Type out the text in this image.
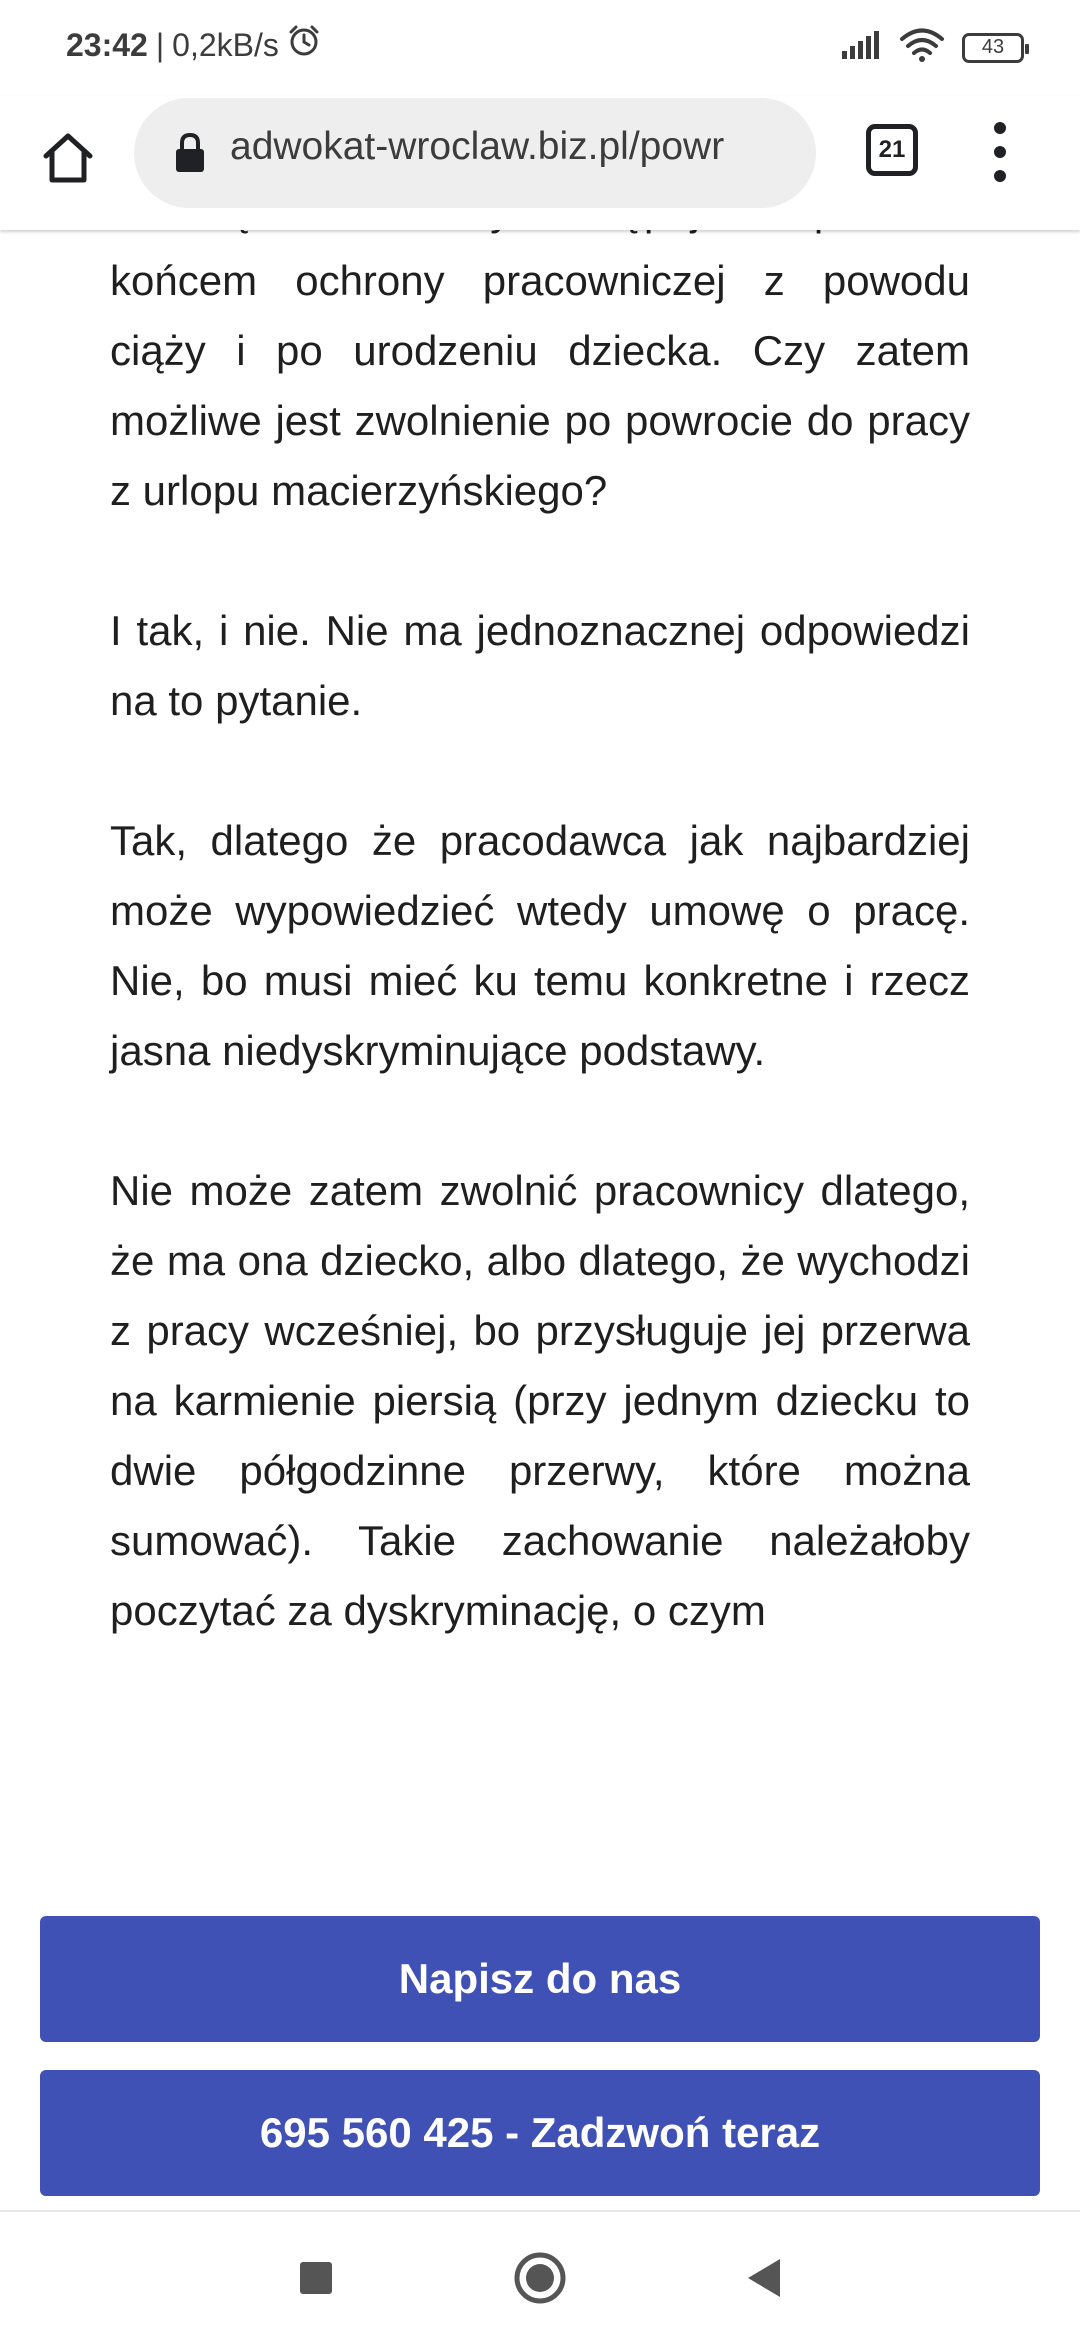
23:42 | 0,2kB/s	43
adwokat-wroclaw.biz.pl/powr	21

końcem ochrony pracowniczej z powodu ciąży i po urodzeniu dziecka. Czy zatem możliwe jest zwolnienie po powrocie do pracy z urlopu macierzyńskiego?

I tak, i nie. Nie ma jednoznacznej odpowiedzi na to pytanie.

Tak, dlatego że pracodawca jak najbardziej może wypowiedzieć wtedy umowę o pracę. Nie, bo musi mieć ku temu konkretne i rzecz jasna niedyskryminujące podstawy.

Nie może zatem zwolnić pracownicy dlatego, że ma ona dziecko, albo dlatego, że wychodzi z pracy wcześniej, bo przysługuje jej przerwa na karmienie piersią (przy jednym dziecku to dwie półgodzinne przerwy, które można sumować). Takie zachowanie należałoby poczytać za dyskryminację, o czym

Napisz do nas
695 560 425 - Zadzwoń teraz
